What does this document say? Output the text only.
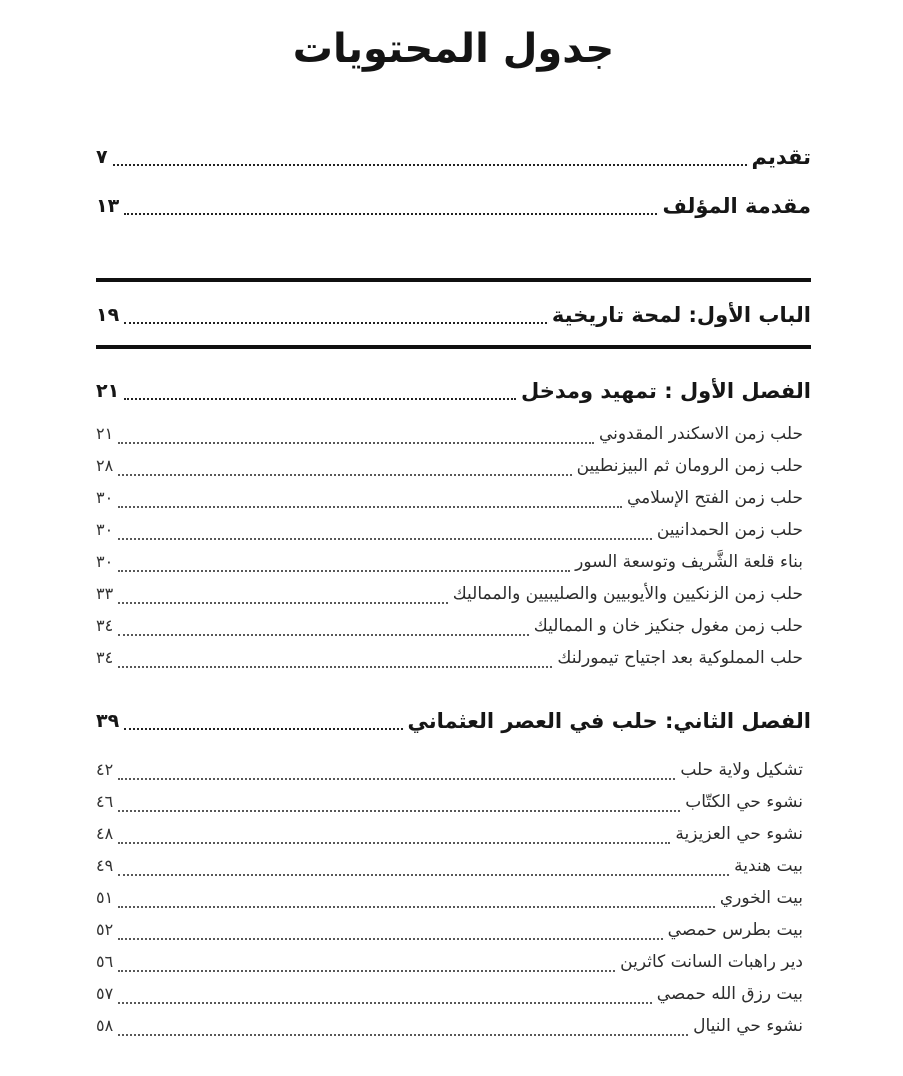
جدول المحتويات
تقديم
٧
مقدمة المؤلف
١٣
الباب الأول: لمحة تاريخية
١٩
الفصل الأول : تمهيد ومدخل
٢١
حلب زمن الاسكندر المقدوني
٢١
حلب زمن الرومان ثم البيزنطيين
٢٨
حلب زمن الفتح الإسلامي
٣٠
حلب زمن الحمدانيين
٣٠
بناء قلعة الشَّريف وتوسعة السور
٣٠
حلب زمن الزنكيين والأيوبيين والصليبيين والمماليك
٣٣
حلب زمن مغول جنكيز خان و المماليك
٣٤
حلب المملوكية بعد اجتياح تيمورلنك
٣٤
الفصل الثاني: حلب في العصر العثماني
٣٩
تشكيل ولاية حلب
٤٢
نشوء حي الكتّاب
٤٦
نشوء حي العزيزية
٤٨
بيت هندية
٤٩
بيت الخوري
٥١
بيت بطرس حمصي
٥٢
دير راهبات السانت كاثرين
٥٦
بيت رزق الله حمصي
٥٧
نشوء حي النيال
٥٨
